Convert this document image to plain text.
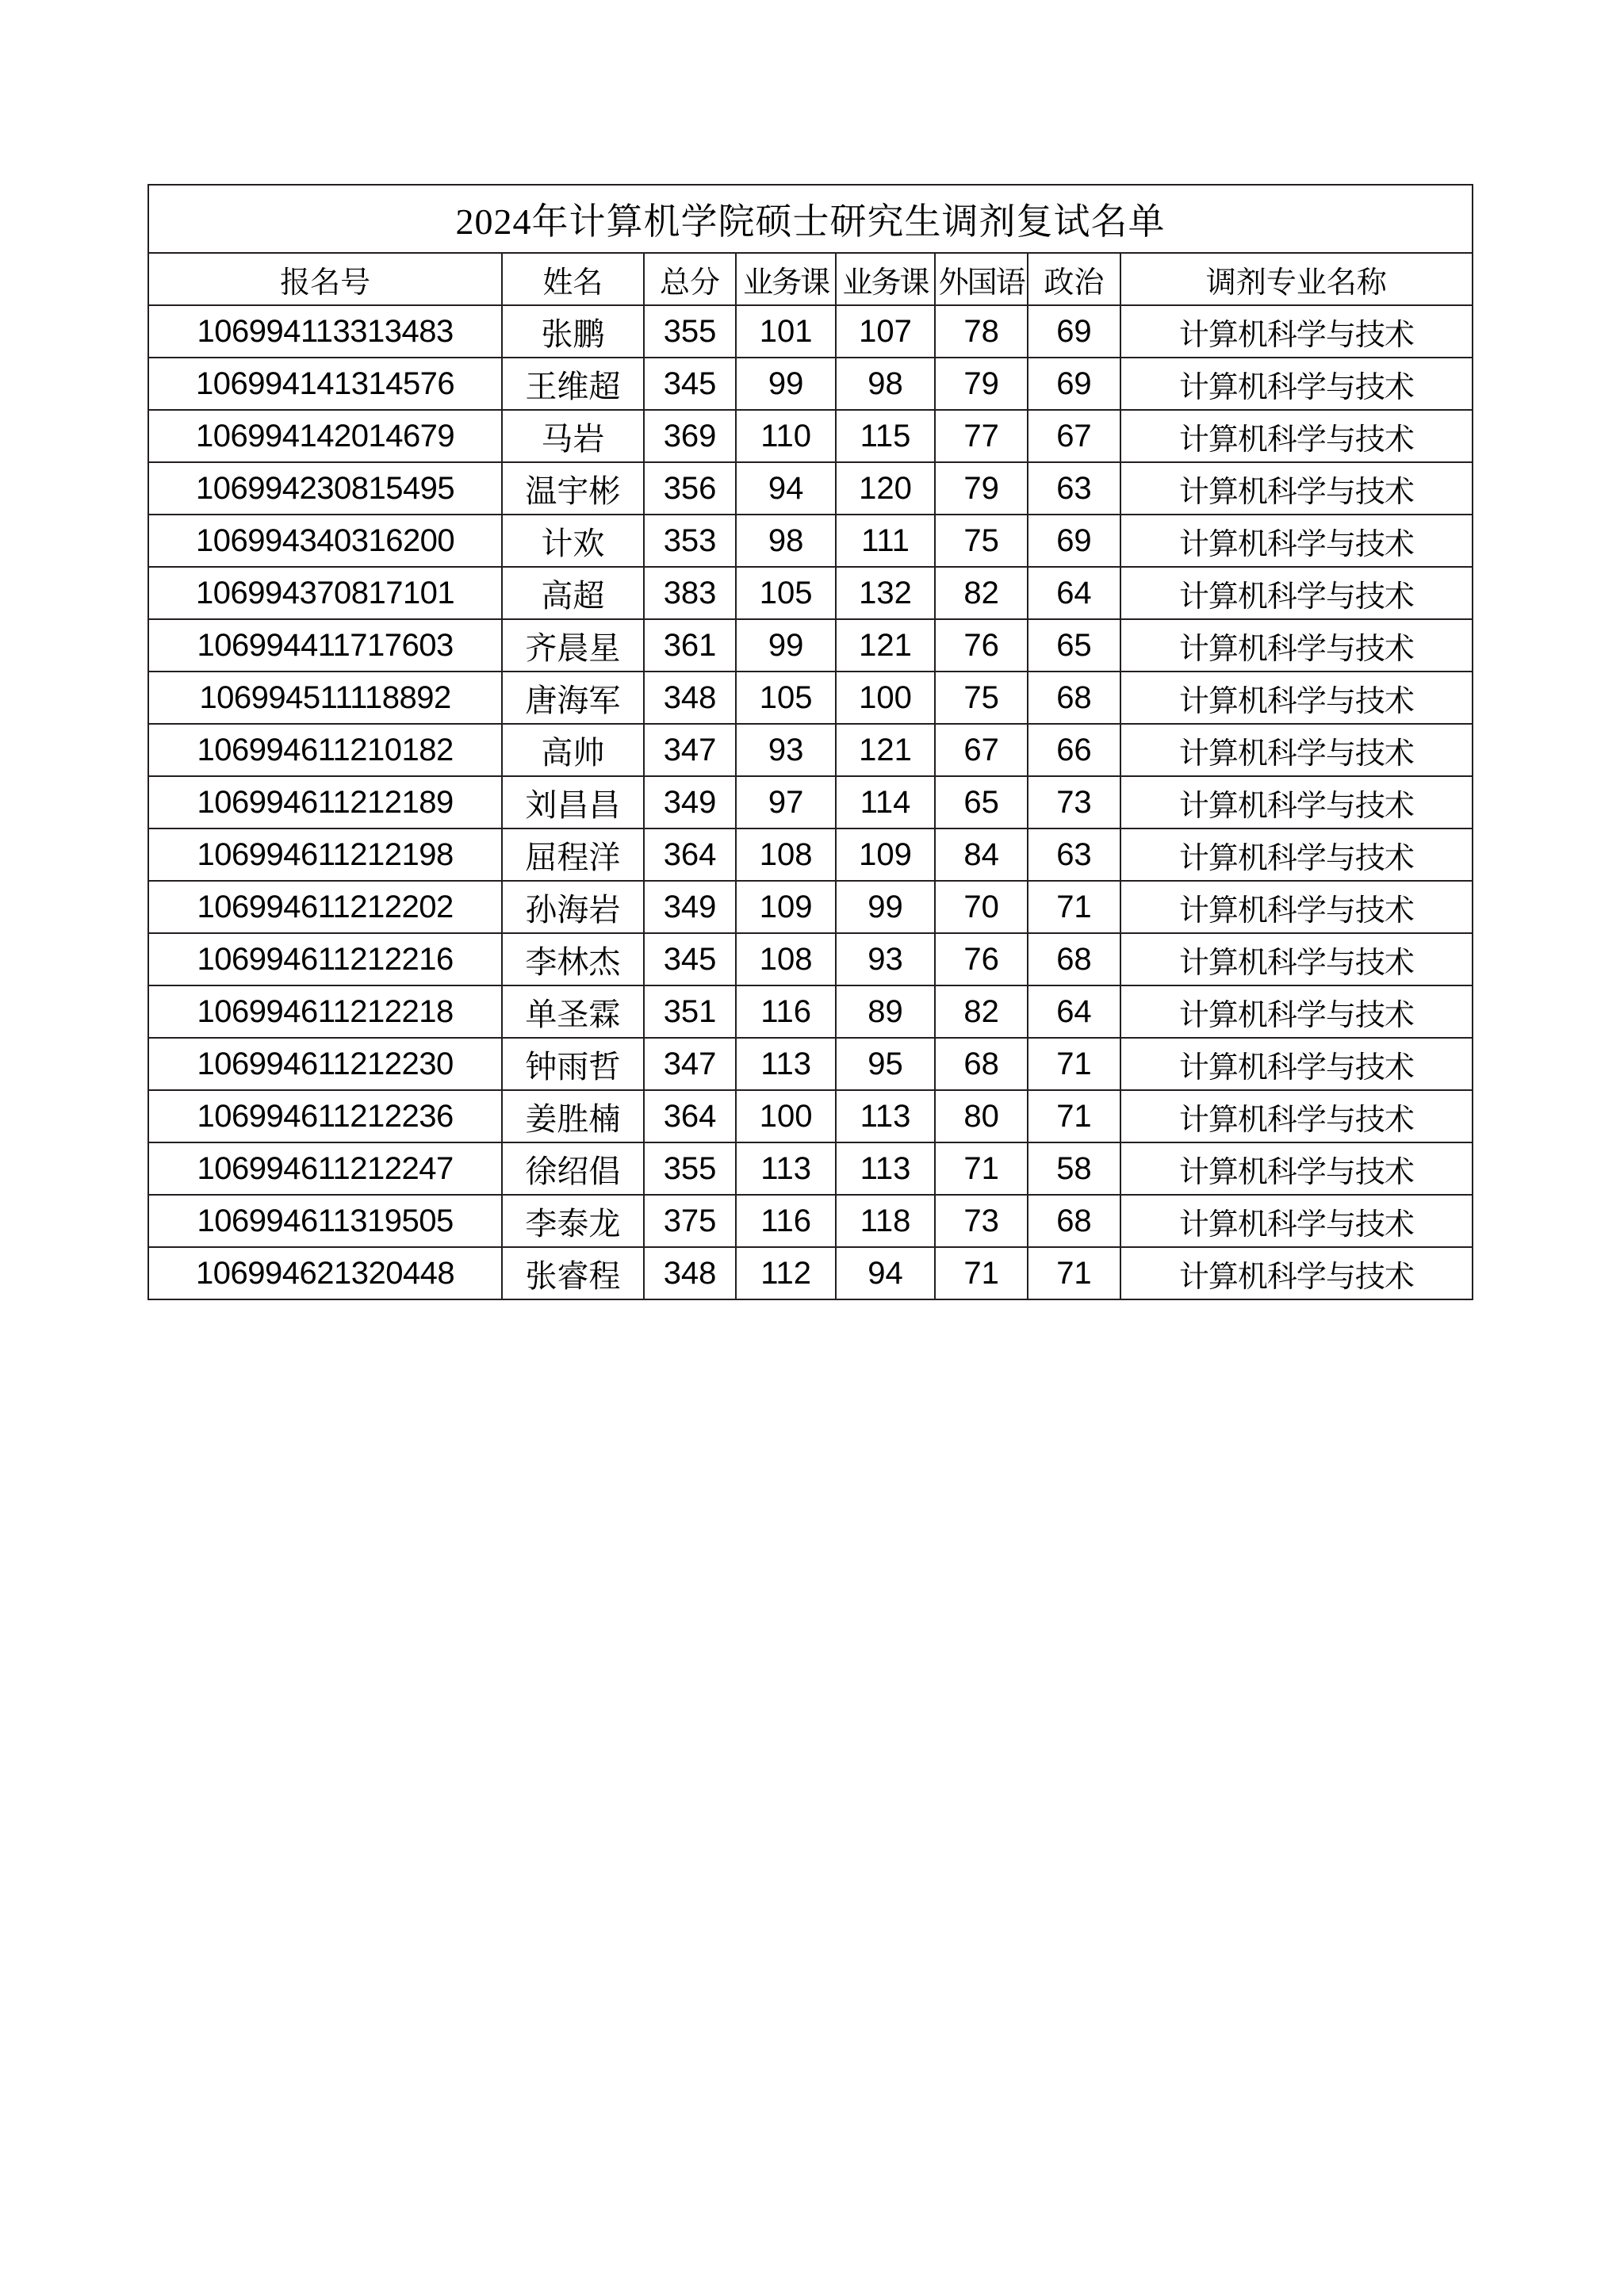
2024年计算机学院硕士研究生调剂复试名单							
报名号	姓名	总分	业务课	业务课	外国语	政治	调剂专业名称
106994113313483	张鹏	355	101	107	78	69	计算机科学与技术
106994141314576	王维超	345	99	98	79	69	计算机科学与技术
106994142014679	马岩	369	110	115	77	67	计算机科学与技术
106994230815495	温宇彬	356	94	120	79	63	计算机科学与技术
106994340316200	计欢	353	98	111	75	69	计算机科学与技术
106994370817101	高超	383	105	132	82	64	计算机科学与技术
106994411717603	齐晨星	361	99	121	76	65	计算机科学与技术
106994511118892	唐海军	348	105	100	75	68	计算机科学与技术
106994611210182	高帅	347	93	121	67	66	计算机科学与技术
106994611212189	刘昌昌	349	97	114	65	73	计算机科学与技术
106994611212198	屈程洋	364	108	109	84	63	计算机科学与技术
106994611212202	孙海岩	349	109	99	70	71	计算机科学与技术
106994611212216	李林杰	345	108	93	76	68	计算机科学与技术
106994611212218	单圣霖	351	116	89	82	64	计算机科学与技术
106994611212230	钟雨哲	347	113	95	68	71	计算机科学与技术
106994611212236	姜胜楠	364	100	113	80	71	计算机科学与技术
106994611212247	徐绍倡	355	113	113	71	58	计算机科学与技术
106994611319505	李泰龙	375	116	118	73	68	计算机科学与技术
106994621320448	张睿程	348	112	94	71	71	计算机科学与技术
